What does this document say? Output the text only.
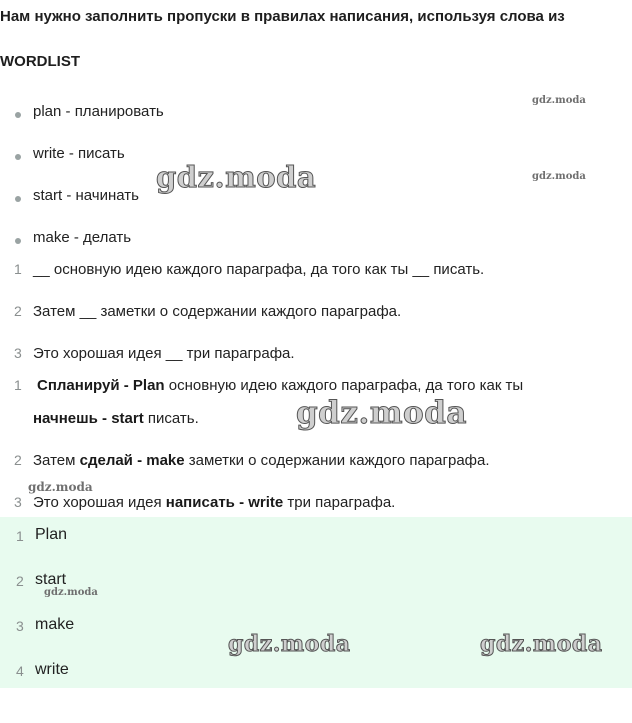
Нам нужно заполнить пропуски в правилах написания, используя слова из
WORDLIST
plan - планировать
write - писать
start - начинать
make - делать
1 __ основную идею каждого параграфа, да того как ты __ писать.
2 Затем __ заметки о содержании каждого параграфа.
3 Это хорошая идея __ три параграфа.
1 Спланируй - Plan основную идею каждого параграфа, да того как ты
начнешь - start писать.
2 Затем сделай - make заметки о содержании каждого параграфа.
3 Это хорошая идея написать - write три параграфа.
1 Plan
2 start
3 make
4 write
gdz.moda
gdz.moda
gdz.moda
gdz.moda
gdz.moda
gdz.moda
gdz.moda	gdz.moda
